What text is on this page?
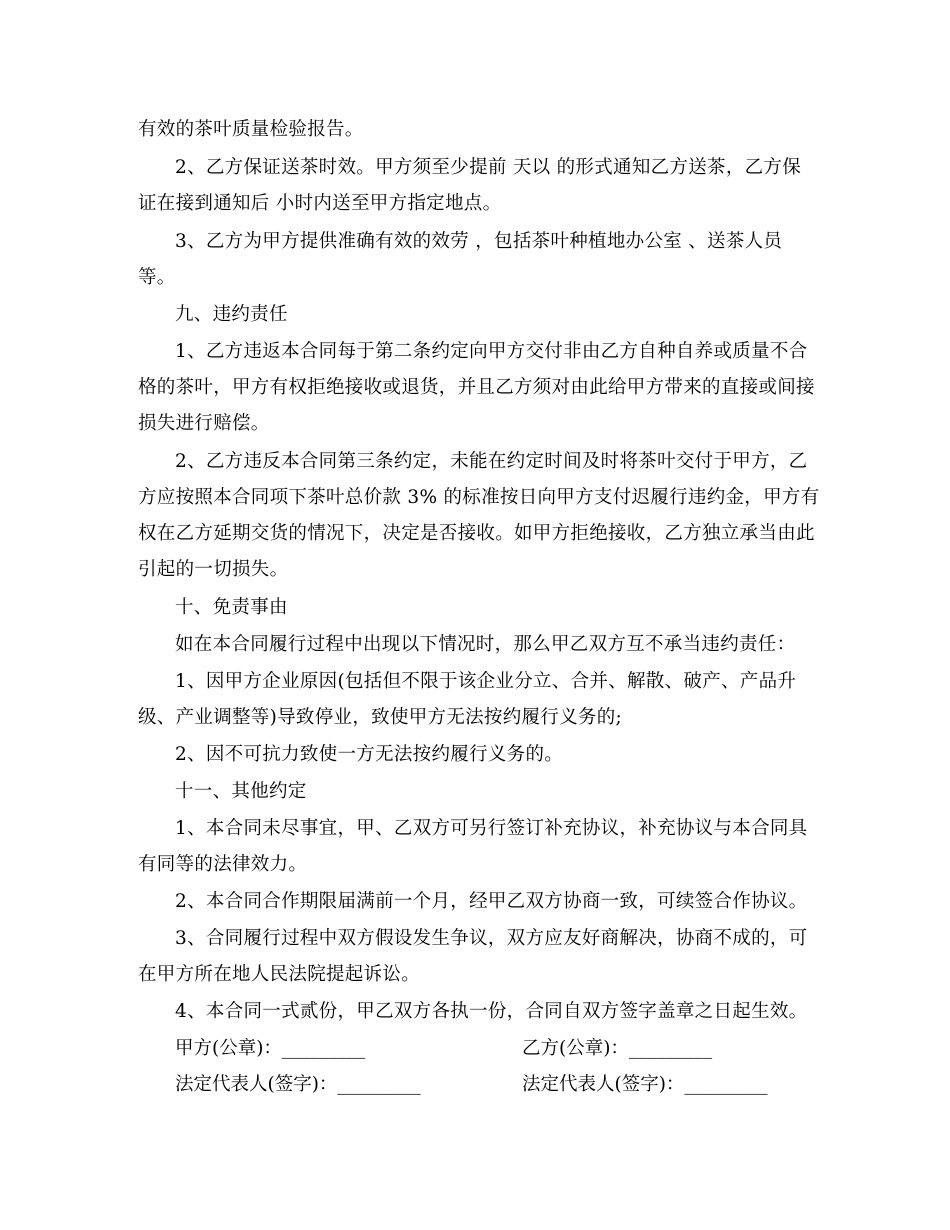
有效的茶叶质量检验报告。
2、乙方保证送茶时效。甲方须至少提前 天以 的形式通知乙方送茶，乙方保
证在接到通知后 小时内送至甲方指定地点。
3、乙方为甲方提供准确有效的效劳 ，包括茶叶种植地办公室 、送茶人员
等。
九、违约责任
1、乙方违返本合同每于第二条约定向甲方交付非由乙方自种自养或质量不合
格的茶叶，甲方有权拒绝接收或退货，并且乙方须对由此给甲方带来的直接或间接
损失进行赔偿。
2、乙方违反本合同第三条约定，未能在约定时间及时将茶叶交付于甲方，乙
方应按照本合同项下茶叶总价款 3% 的标准按日向甲方支付迟履行违约金，甲方有
权在乙方延期交货的情况下，决定是否接收。如甲方拒绝接收，乙方独立承当由此
引起的一切损失。
十、免责事由
如在本合同履行过程中出现以下情况时，那么甲乙双方互不承当违约责任：
1、因甲方企业原因(包括但不限于该企业分立、合并、解散、破产、产品升
级、产业调整等)导致停业，致使甲方无法按约履行义务的;
2、因不可抗力致使一方无法按约履行义务的。
十一、其他约定
1、本合同未尽事宜，甲、乙双方可另行签订补充协议，补充协议与本合同具
有同等的法律效力。
2、本合同合作期限届满前一个月，经甲乙双方协商一致，可续签合作协议。
3、合同履行过程中双方假设发生争议，双方应友好商解决，协商不成的，可
在甲方所在地人民法院提起诉讼。
4、本合同一式贰份，甲乙双方各执一份，合同自双方签字盖章之日起生效。
甲方(公章)：_________	乙方(公章)：_________
法定代表人(签字)：_________	法定代表人(签字)：_________
